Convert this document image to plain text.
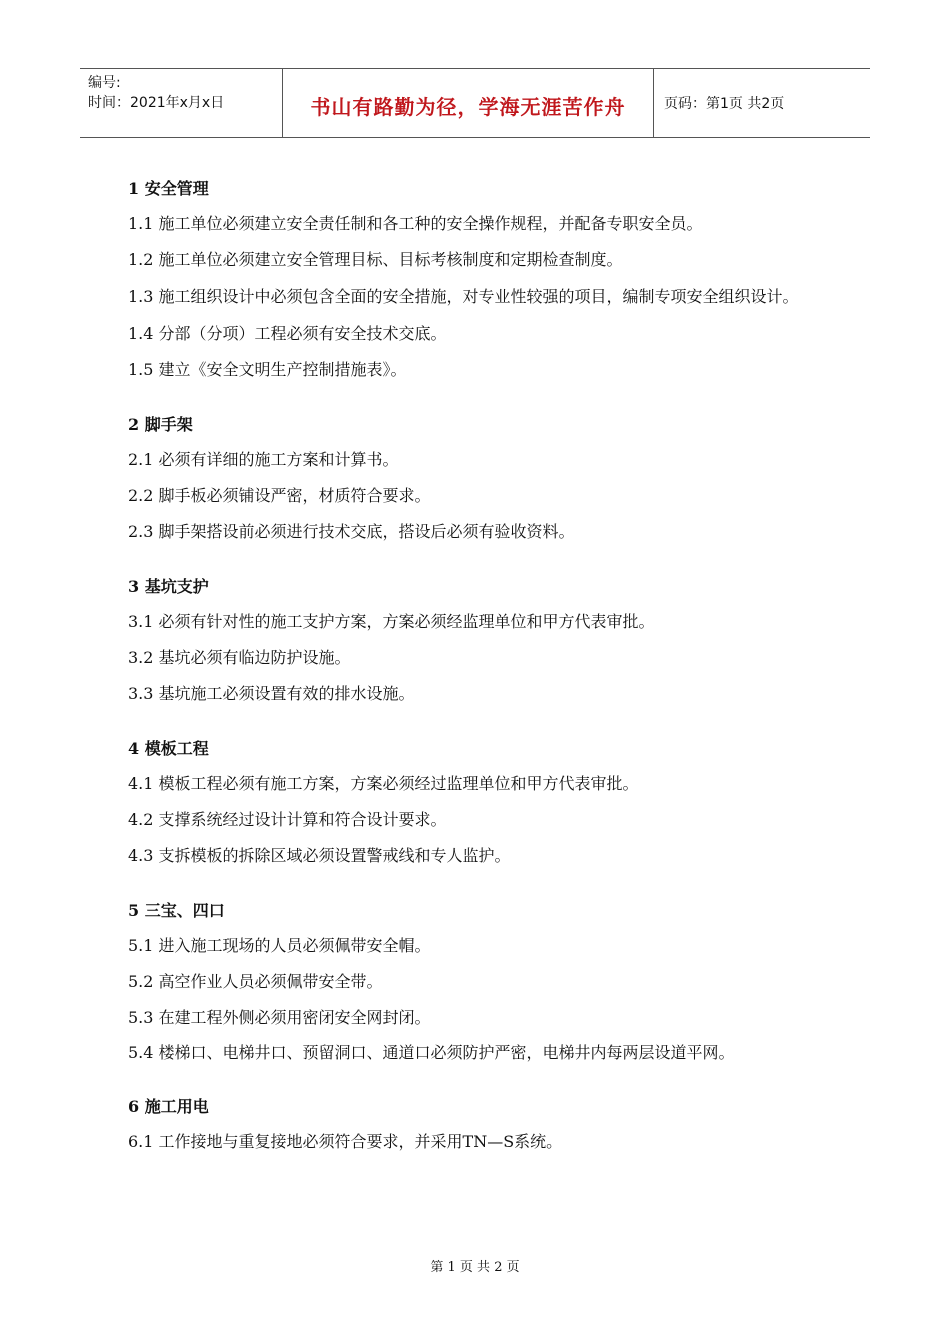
编号:
时间：2021年x月x日	书山有路勤为径，学海无涯苦作舟	页码：第1页 共2页

1 安全管理

1.1 施工单位必须建立安全责任制和各工种的安全操作规程，并配备专职安全员。

1.2 施工单位必须建立安全管理目标、目标考核制度和定期检查制度。

1.3 施工组织设计中必须包含全面的安全措施，对专业性较强的项目，编制专项安全组织设计。

1.4 分部（分项）工程必须有安全技术交底。

1.5 建立《安全文明生产控制措施表》。

2 脚手架

2.1 必须有详细的施工方案和计算书。

2.2 脚手板必须铺设严密，材质符合要求。

2.3 脚手架搭设前必须进行技术交底，搭设后必须有验收资料。

3 基坑支护

3.1 必须有针对性的施工支护方案，方案必须经监理单位和甲方代表审批。

3.2 基坑必须有临边防护设施。

3.3 基坑施工必须设置有效的排水设施。

4 模板工程

4.1 模板工程必须有施工方案，方案必须经过监理单位和甲方代表审批。

4.2 支撑系统经过设计计算和符合设计要求。

4.3 支拆模板的拆除区域必须设置警戒线和专人监护。

5 三宝、四口

5.1 进入施工现场的人员必须佩带安全帽。

5.2 高空作业人员必须佩带安全带。

5.3 在建工程外侧必须用密闭安全网封闭。

5.4 楼梯口、电梯井口、预留洞口、通道口必须防护严密，电梯井内每两层设道平网。

6 施工用电

6.1 工作接地与重复接地必须符合要求，并采用TN—S系统。

第 1 页 共 2 页
